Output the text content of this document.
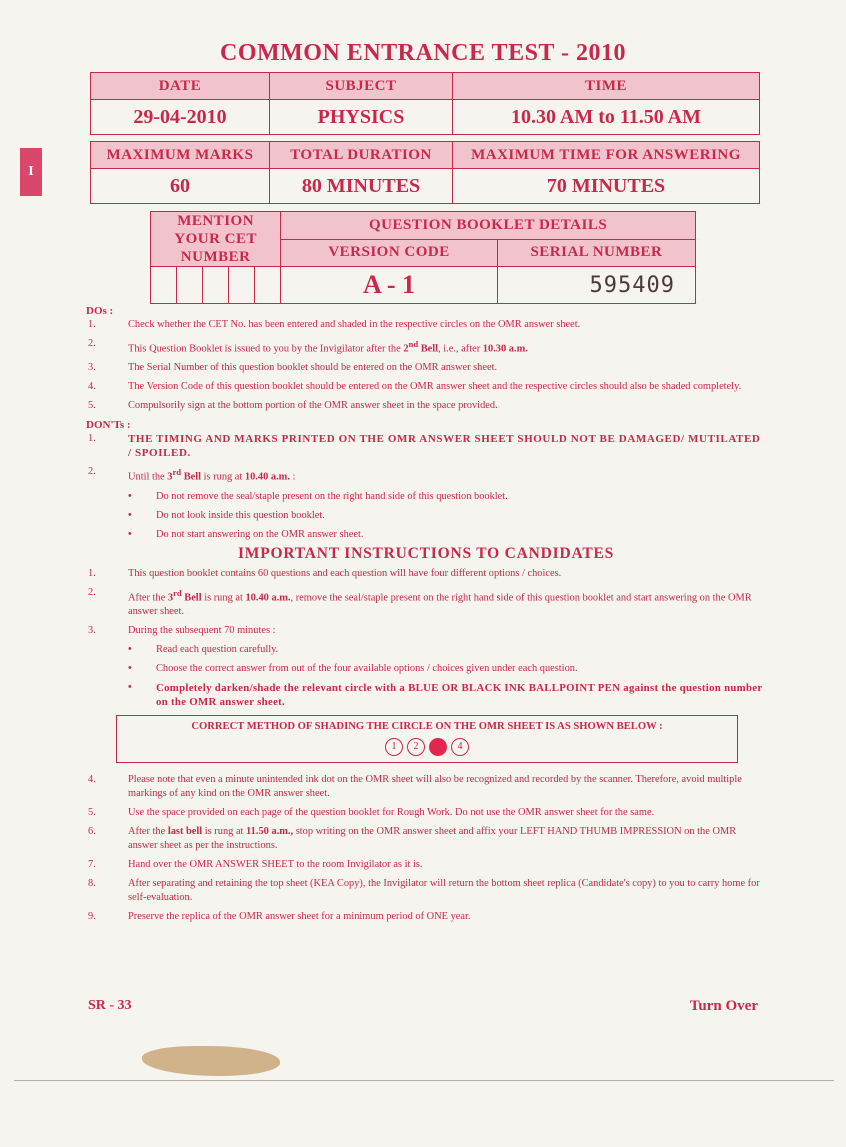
COMMON ENTRANCE TEST - 2010
I
DATE	SUBJECT	TIME
29-04-2010	PHYSICS	10.30 AM to 11.50 AM
MAXIMUM MARKS	TOTAL DURATION	MAXIMUM TIME FOR ANSWERING
60	80 MINUTES	70 MINUTES
MENTION YOUR CET NUMBER					QUESTION BOOKLET DETAILS	
					VERSION CODE	SERIAL NUMBER
					A - 1	595409
DOs :
1.	Check whether the CET No. has been entered and shaded in the respective circles on the OMR answer sheet.
2.	This Question Booklet is issued to you by the Invigilator after the 2nd Bell, i.e., after 10.30 a.m.
3.	The Serial Number of this question booklet should be entered on the OMR answer sheet.
4.	The Version Code of this question booklet should be entered on the OMR answer sheet and the respective circles should also be shaded completely.
5.	Compulsorily sign at the bottom portion of the OMR answer sheet in the space provided.
DON'Ts :
1.	THE TIMING AND MARKS PRINTED ON THE OMR ANSWER SHEET SHOULD NOT BE DAMAGED/ MUTILATED / SPOILED.
2.	Until the 3rd Bell is rung at 10.40 a.m. :
•	Do not remove the seal/staple present on the right hand side of this question booklet.
•	Do not look inside this question booklet.
•	Do not start answering on the OMR answer sheet.
IMPORTANT INSTRUCTIONS TO CANDIDATES
1.	This question booklet contains 60 questions and each question will have four different options / choices.
2.	After the 3rd Bell is rung at 10.40 a.m., remove the seal/staple present on the right hand side of this question booklet and start answering on the OMR answer sheet.
3.	During the subsequent 70 minutes :
•	Read each question carefully.
•	Choose the correct answer from out of the four available options / choices given under each question.
•	Completely darken/shade the relevant circle with a BLUE OR BLACK INK BALLPOINT PEN against the question number on the OMR answer sheet.
CORRECT METHOD OF SHADING THE CIRCLE ON THE OMR SHEET IS AS SHOWN BELOW :
1	2	4
4.	Please note that even a minute unintended ink dot on the OMR sheet will also be recognized and recorded by the scanner. Therefore, avoid multiple markings of any kind on the OMR answer sheet.
5.	Use the space provided on each page of the question booklet for Rough Work. Do not use the OMR answer sheet for the same.
6.	After the last bell is rung at 11.50 a.m., stop writing on the OMR answer sheet and affix your LEFT HAND THUMB IMPRESSION on the OMR answer sheet as per the instructions.
7.	Hand over the OMR ANSWER SHEET to the room Invigilator as it is.
8.	After separating and retaining the top sheet (KEA Copy), the Invigilator will return the bottom sheet replica (Candidate's copy) to you to carry home for self-evaluation.
9.	Preserve the replica of the OMR answer sheet for a minimum period of ONE year.
SR - 33	Turn Over
